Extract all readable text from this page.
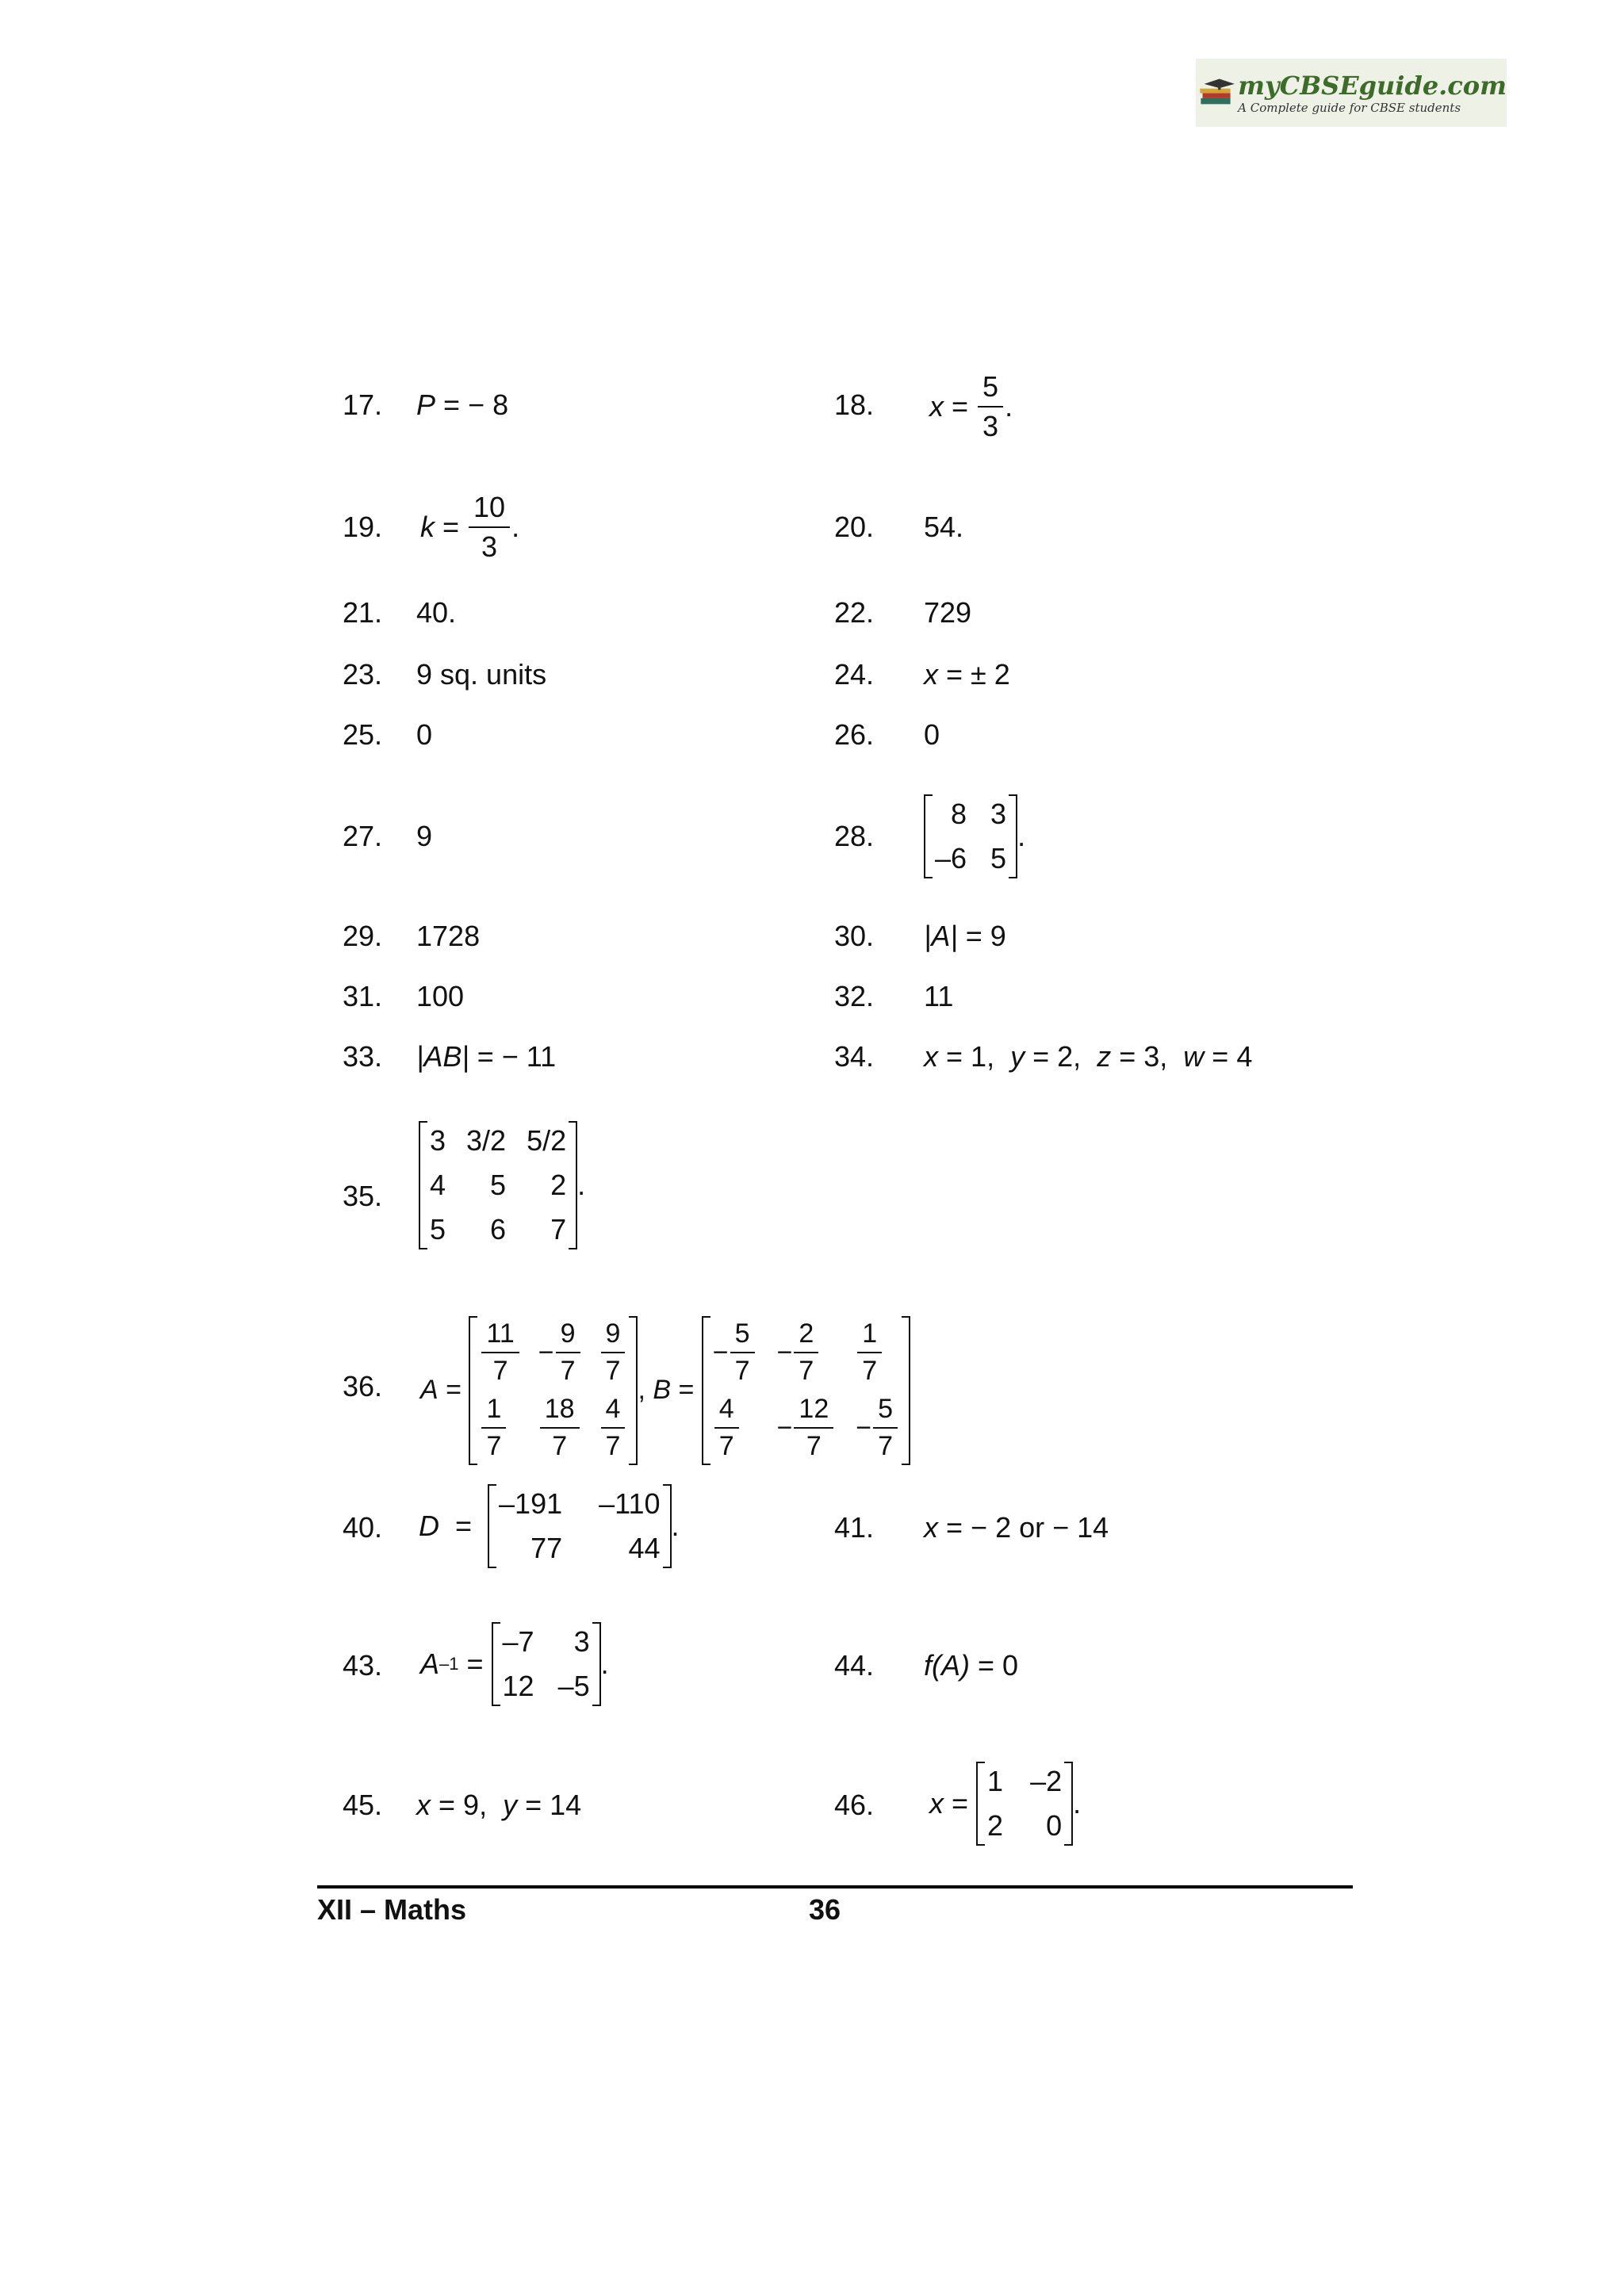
myCBSEguide.com
A Complete guide for CBSE students
17. P
= − 8	18. $x = \frac{5}{3}$ .
19. $k = \frac{10}{3}$ .	20. 54.
21. 40.	22. 729
23. 9 sq. units	24. x = ± 2
25. 0	26. 0
27. 9	28.
8 3
–6 5
.
29. 1728	30. |A| = 9
31. 100	32. 11
33. |AB| = − 11	34. x = 1, y = 2, z = 3, w = 4
35.
3 3/2 5/2
4	5	2
5	6	7
.
36. A =
$\frac{11}{7} - \frac{9}{7} \frac{9}{7}$
$\frac{1}{7} \frac{18}{7} \frac{4}{7}$
, B =
− $\frac{5}{7} - \frac{2}{7} \frac{1}{7}$
$\frac{4}{7} - \frac{12}{7} - \frac{5}{7}$
40. D =
–191 –110
77	44
.	41. x = − 2 or − 14
43. A –1 =
–7	3
12 –5
.	44. f(A) = 0
45. x = 9, y = 14	46. x =
1 –2
2	0
.
XII – Maths	36
